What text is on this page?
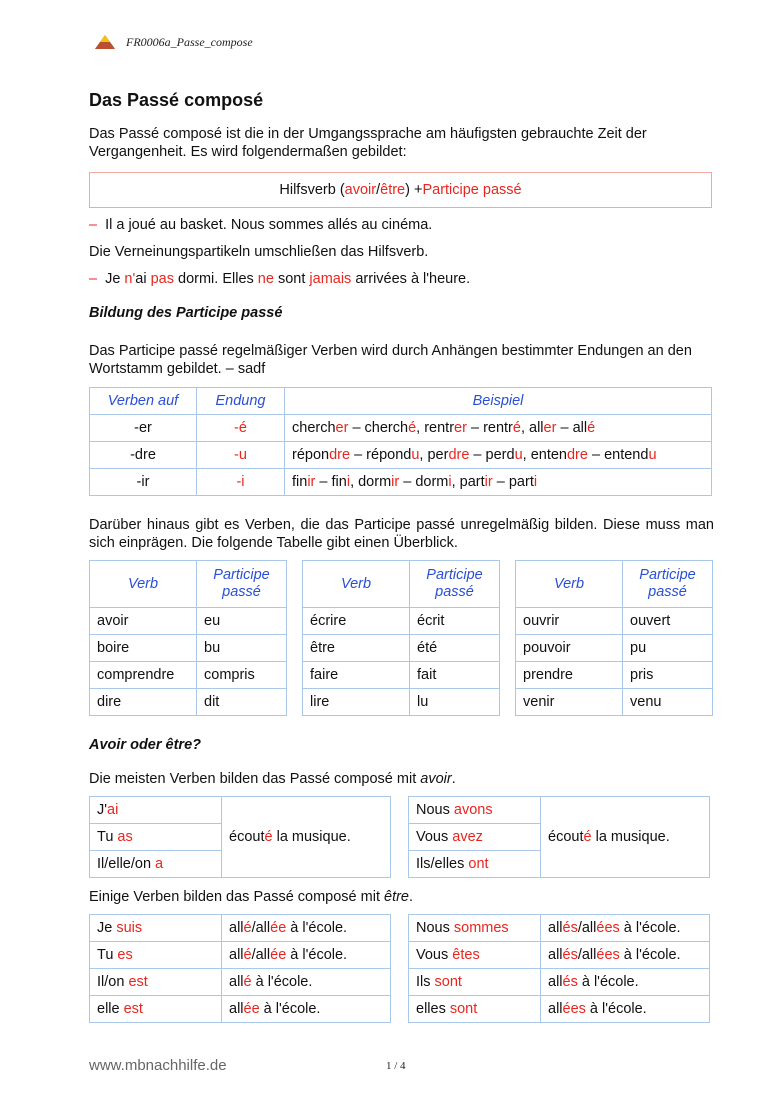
FR0006a_Passe_compose
Das Passé composé

Das Passé composé ist die in der Umgangssprache am häufigsten gebrauchte Zeit der Vergangenheit. Es wird folgendermaßen gebildet:

Hilfsverb ( avoir / être ) + Participe passé
– Il a joué au basket. Nous sommes allés au cinéma.
Die Verneinungspartikeln umschließen das Hilfsverb.
– Je n'ai pas dormi. Elles ne sont jamais arrivées à l'heure.
Bildung des Participe passé

Das Participe passé regelmäßiger Verben wird durch Anhängen bestimmter Endungen an den Wortstamm gebildet. – sadf

Verben auf	Endung	Beispiel
-er	-é	chercher – cherché, rentrer – rentré, aller – allé
-dre	-u	répondre – répondu, perdre – perdu, entendre – entendu
-ir	-i	finir – fini, dormir – dormi, partir – parti

Darüber hinaus gibt es Verben, die das Participe passé unregelmäßig bilden. Diese muss man sich einprägen. Die folgende Tabelle gibt einen Überblick.

Verb	Participe passé
avoir	eu
boire	bu
comprendre	compris
dire	dit
Verb	Participe passé
écrire	écrit
être	été
faire	fait
lire	lu
Verb	Participe passé
ouvrir	ouvert
pouvoir	pu
prendre	pris
venir	venu
Avoir oder être?
Die meisten Verben bilden das Passé composé mit avoir.
J'ai	écouté la musique.
Tu as
Il/elle/on a
Nous avons	écouté la musique.
Vous avez
Ils/elles ont
Einige Verben bilden das Passé composé mit être.
Je suis	allé/allée à l'école.
Tu es	allé/allée à l'école.
Il/on est	allé à l'école.
elle est	allée à l'école.
Nous sommes	allés/allées à l'école.
Vous êtes	allés/allées à l'école.
Ils sont	allés à l'école.
elles sont	allées à l'école.
www.mbnachhilfe.de	1 / 4
